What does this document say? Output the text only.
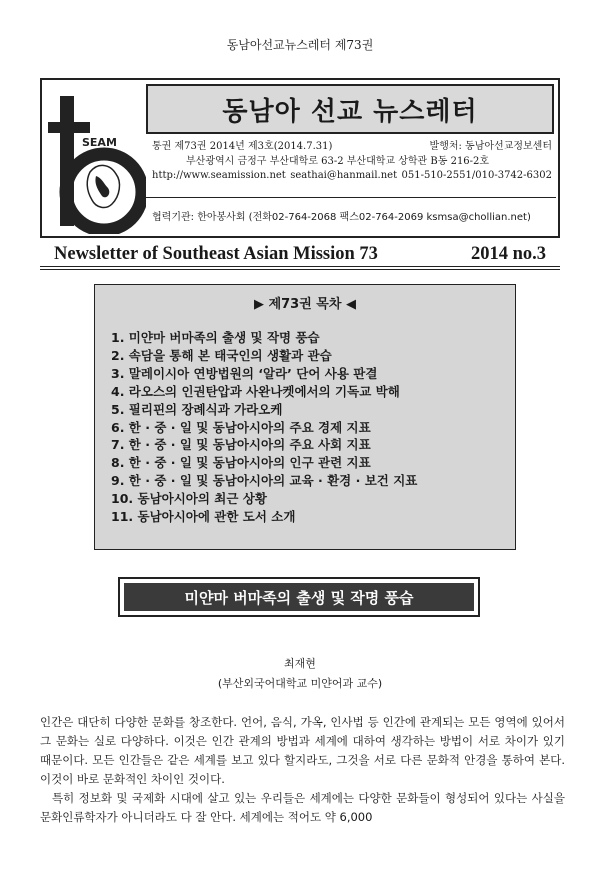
동남아선교뉴스레터 제73권
SEAM
동남아 선교 뉴스레터
통권 제73권 2014년 제3호(2014.7.31)	발행처: 동남아선교정보센터
부산광역시 금정구 부산대학로 63-2 부산대학교 상학관 B동 216-2호
http://www.seamission.net seathai@hanmail.net 051-510-2551/010-3742-6302
협력기관: 한아봉사회 (전화02-764-2068 팩스02-764-2069 ksmsa@chollian.net)
Newsletter of Southeast Asian Mission 73	2014 no.3
▶ 제73권 목차 ◀
1. 미얀마 버마족의 출생 및 작명 풍습
2. 속담을 통해 본 태국인의 생활과 관습
3. 말레이시아 연방법원의 ‘알라’ 단어 사용 판결
4. 라오스의 인권탄압과 사완나켓에서의 기독교 박해
5. 필리핀의 장례식과 가라오케
6. 한 · 중 · 일 및 동남아시아의 주요 경제 지표
7. 한 · 중 · 일 및 동남아시아의 주요 사회 지표
8. 한 · 중 · 일 및 동남아시아의 인구 관련 지표
9. 한 · 중 · 일 및 동남아시아의 교육 · 환경 · 보건 지표
10. 동남아시아의 최근 상황
11. 동남아시아에 관한 도서 소개
미얀마 버마족의 출생 및 작명 풍습
최재현
(부산외국어대학교 미얀어과 교수)

인간은 대단히 다양한 문화를 창조한다. 언어, 음식, 가옥, 인사법 등 인간에 관계되는 모든 영역에 있어서 그 문화는 실로 다양하다. 이것은 인간 관계의 방법과 세계에 대하여 생각하는 방법이 서로 차이가 있기 때문이다. 모든 인간들은 같은 세계를 보고 있다 할지라도, 그것을 서로 다른 문화적 안경을 통하여 본다. 이것이 바로 문화적인 차이인 것이다.

특히 정보화 및 국제화 시대에 살고 있는 우리들은 세계에는 다양한 문화들이 형성되어 있다는 사실을 문화인류학자가 아니더라도 다 잘 안다. 세계에는 적어도 약 6,000
